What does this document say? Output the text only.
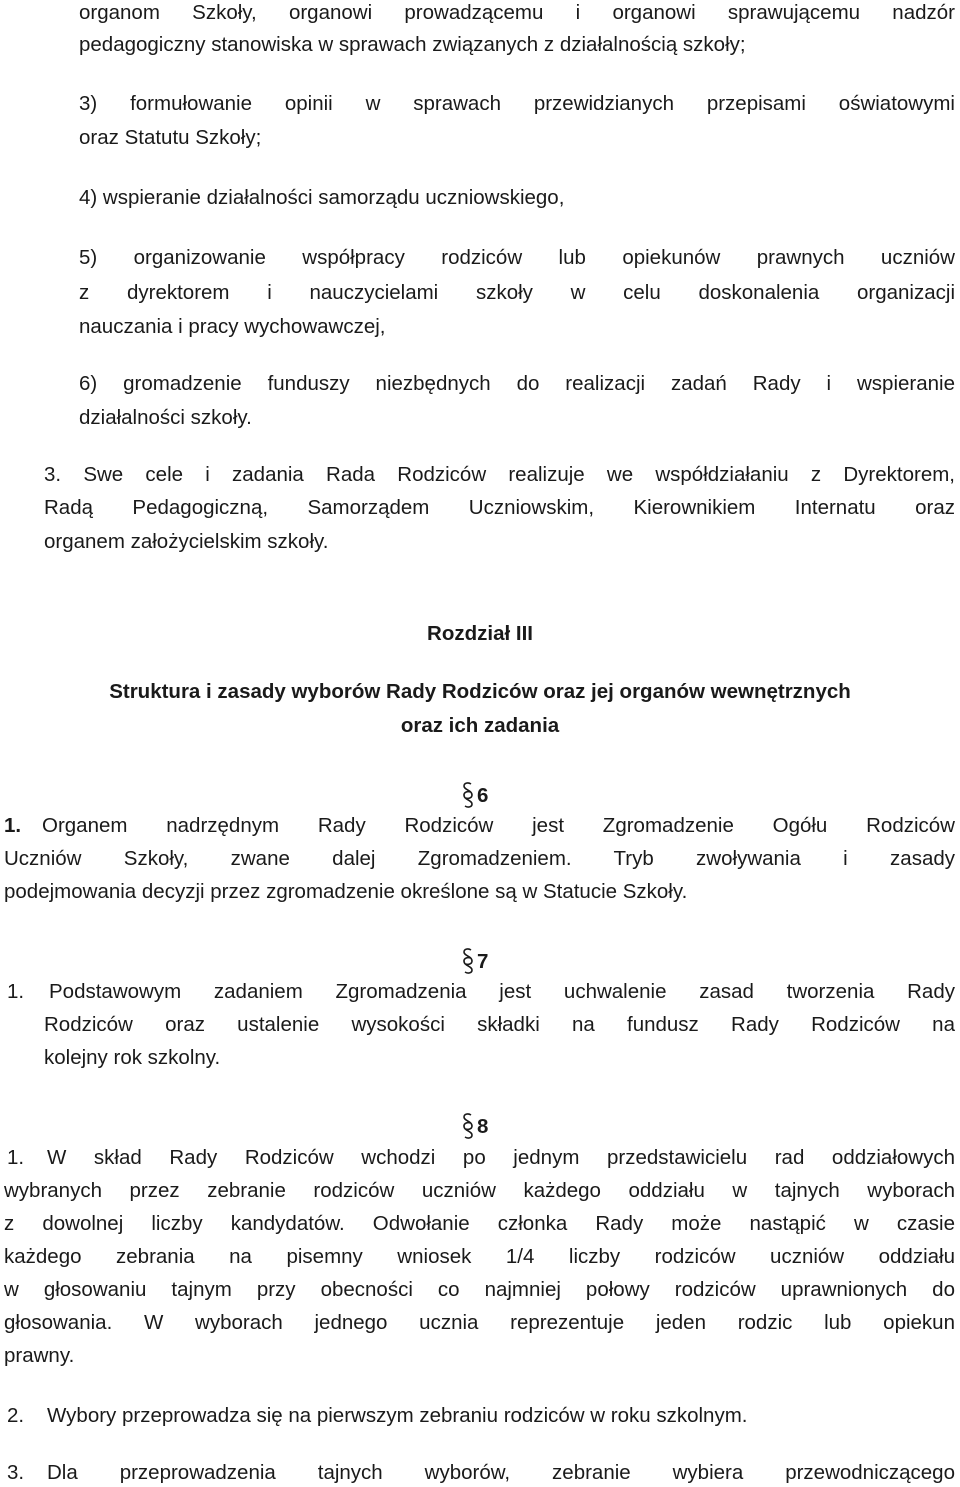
organom Szkoły, organowi prowadzącemu i organowi sprawującemu nadzór
pedagogiczny stanowiska w sprawach związanych z działalnością szkoły;
3) formułowanie opinii w sprawach przewidzianych przepisami oświatowymi
oraz Statutu Szkoły;
4) wspieranie działalności samorządu uczniowskiego,
5) organizowanie współpracy rodziców lub opiekunów prawnych uczniów
z dyrektorem i nauczycielami szkoły w celu doskonalenia organizacji
nauczania i pracy wychowawczej,
6) gromadzenie funduszy niezbędnych do realizacji zadań Rady i wspieranie
działalności szkoły.
3. Swe cele i zadania Rada Rodziców realizuje we współdziałaniu z Dyrektorem,
Radą Pedagogiczną, Samorządem Uczniowskim, Kierownikiem Internatu oraz
organem założycielskim szkoły.
Rozdział III
Struktura i zasady wyborów Rady Rodziców oraz jej organów wewnętrznych
oraz ich zadania
6
1. Organem nadrzędnym Rady Rodziców jest Zgromadzenie Ogółu Rodziców
Uczniów Szkoły, zwane dalej Zgromadzeniem. Tryb zwoływania i zasady
podejmowania decyzji przez zgromadzenie określone są w Statucie Szkoły.
7
1. Podstawowym zadaniem Zgromadzenia jest uchwalenie zasad tworzenia Rady
Rodziców oraz ustalenie wysokości składki na fundusz Rady Rodziców na
kolejny rok szkolny.
8
1. W skład Rady Rodziców wchodzi po jednym przedstawicielu rad oddziałowych
wybranych przez zebranie rodziców uczniów każdego oddziału w tajnych wyborach
z dowolnej liczby kandydatów. Odwołanie członka Rady może nastąpić w czasie
każdego zebrania na pisemny wniosek 1/4 liczby rodziców uczniów oddziału
w głosowaniu tajnym przy obecności co najmniej połowy rodziców uprawnionych do
głosowania. W wyborach jednego ucznia reprezentuje jeden rodzic lub opiekun
prawny.
2. Wybory przeprowadza się na pierwszym zebraniu rodziców w roku szkolnym.
3. Dla przeprowadzenia tajnych wyborów, zebranie wybiera przewodniczącego
